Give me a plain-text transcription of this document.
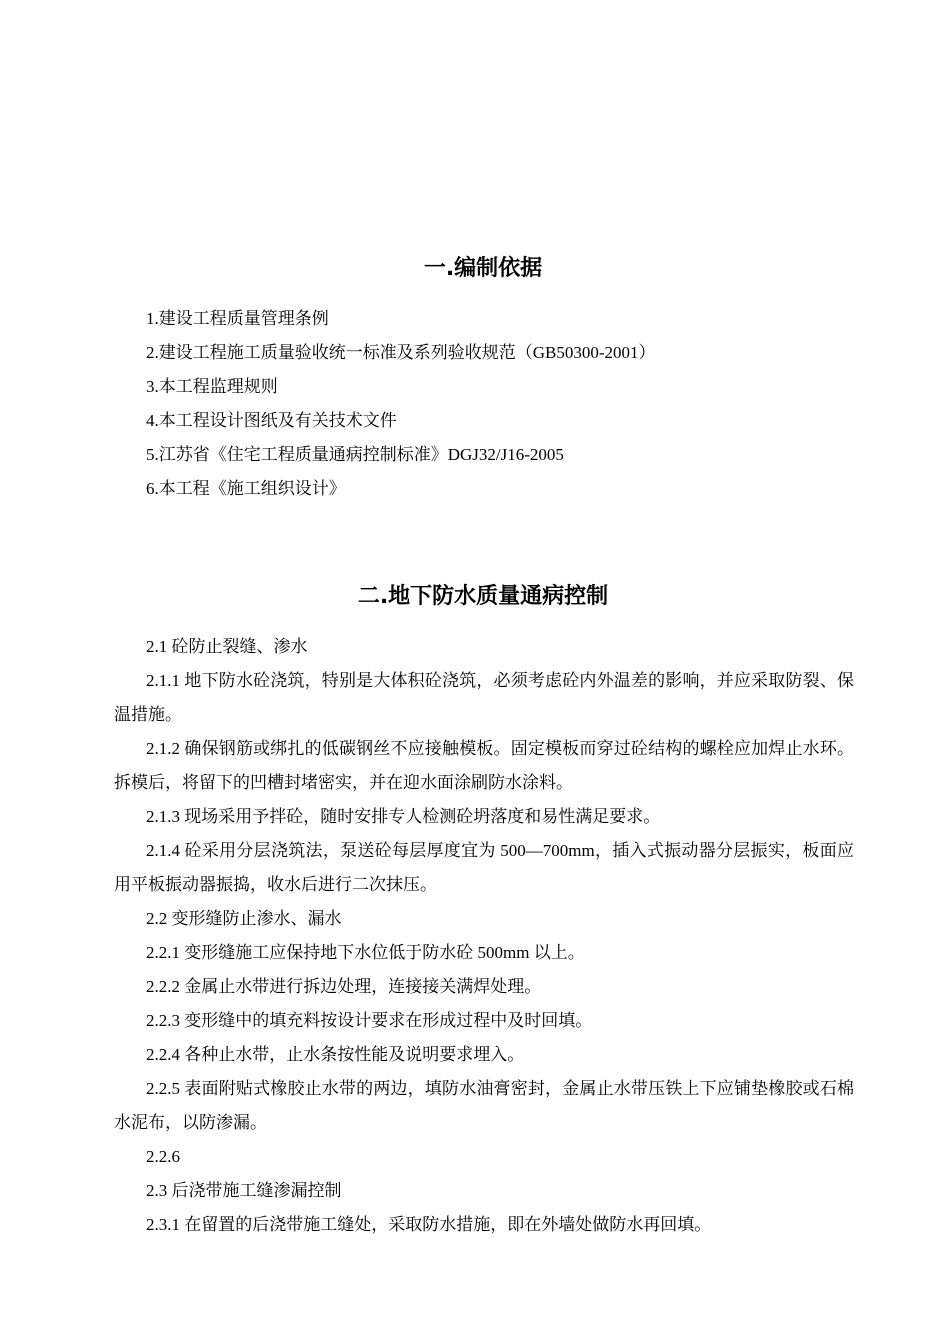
一.编制依据
1.建设工程质量管理条例
2.建设工程施工质量验收统一标准及系列验收规范（GB50300-2001）
3.本工程监理规则
4.本工程设计图纸及有关技术文件
5.江苏省《住宅工程质量通病控制标准》DGJ32/J16-2005
6.本工程《施工组织设计》
二.地下防水质量通病控制
2.1 砼防止裂缝、渗水
2.1.1 地下防水砼浇筑，特别是大体积砼浇筑，必须考虑砼内外温差的影响，并应采取防裂、保温措施。
2.1.2 确保钢筋或绑扎的低碳钢丝不应接触模板。固定模板而穿过砼结构的螺栓应加焊止水环。拆模后，将留下的凹槽封堵密实，并在迎水面涂刷防水涂料。
2.1.3 现场采用予拌砼，随时安排专人检测砼坍落度和易性满足要求。
2.1.4 砼采用分层浇筑法，泵送砼每层厚度宜为 500—700mm，插入式振动器分层振实，板面应用平板振动器振捣，收水后进行二次抹压。
2.2 变形缝防止渗水、漏水
2.2.1 变形缝施工应保持地下水位低于防水砼 500mm 以上。
2.2.2 金属止水带进行拆边处理，连接接关满焊处理。
2.2.3 变形缝中的填充料按设计要求在形成过程中及时回填。
2.2.4 各种止水带，止水条按性能及说明要求埋入。
2.2.5 表面附贴式橡胶止水带的两边，填防水油膏密封，金属止水带压铁上下应铺垫橡胶或石棉水泥布，以防渗漏。
2.2.6
2.3 后浇带施工缝渗漏控制
2.3.1 在留置的后浇带施工缝处，采取防水措施，即在外墙处做防水再回填。
